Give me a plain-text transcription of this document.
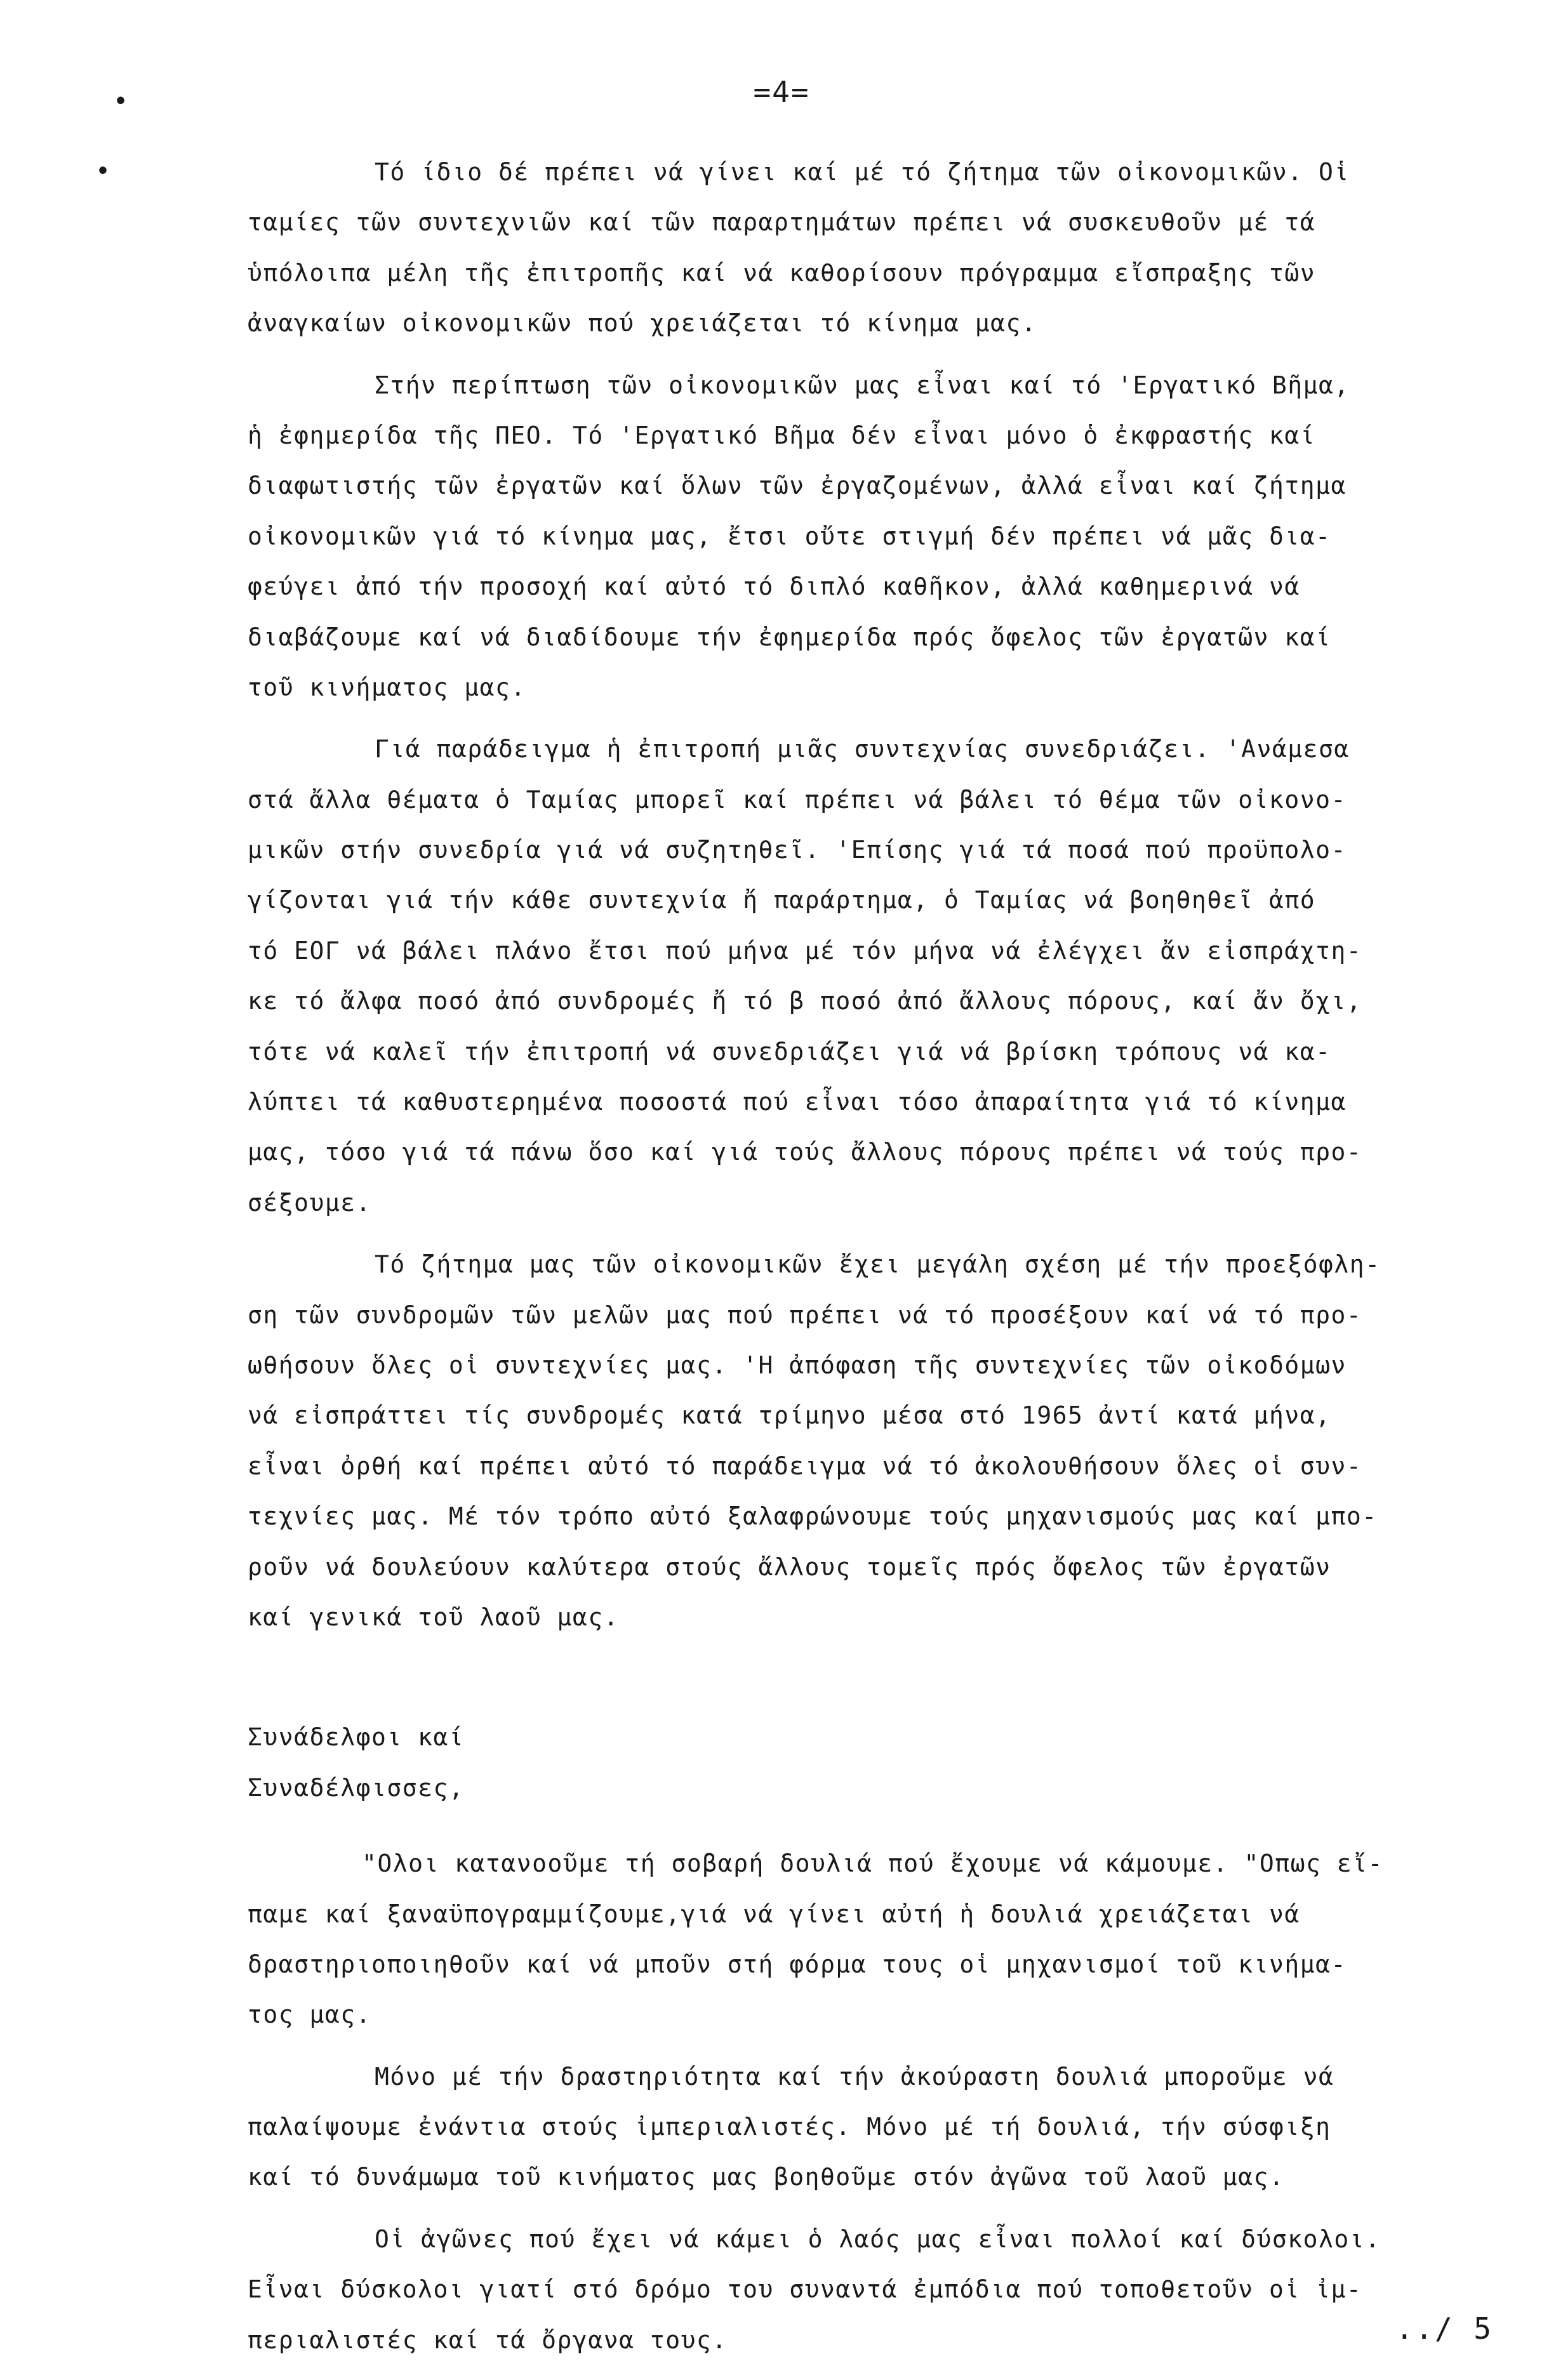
•
•
=4=
Τό ίδιο δέ πρέπει νά γίνει καί μέ τό ζήτημα τῶν οἰκονομικῶν. Οἱ
ταμίες τῶν συντεχνιῶν καί τῶν παραρτημάτων πρέπει νά συσκευθοῦν μέ τά
ὑπόλοιπα μέλη τῆς ἐπιτροπῆς καί νά καθορίσουν πρόγραμμα εἴσπραξης τῶν
ἀναγκαίων οἰκονομικῶν πού χρειάζεται τό κίνημα μας.
Στήν περίπτωση τῶν οἰκονομικῶν μας εἶναι καί τό 'Εργατικό Βῆμα,
ἡ ἐφημερίδα τῆς ΠΕΟ. Τό 'Εργατικό Βῆμα δέν εἶναι μόνο ὁ ἐκφραστής καί
διαφωτιστής τῶν ἐργατῶν καί ὅλων τῶν ἐργαζομένων, ἀλλά εἶναι καί ζήτημα
οἰκονομικῶν γιά τό κίνημα μας, ἔτσι οὔτε στιγμή δέν πρέπει νά μᾶς δια-
φεύγει ἀπό τήν προσοχή καί αὐτό τό διπλό καθῆκον, ἀλλά καθημερινά νά
διαβάζουμε καί νά διαδίδουμε τήν ἐφημερίδα πρός ὄφελος τῶν ἐργατῶν καί
τοῦ κινήματος μας.
Γιά παράδειγμα ἡ ἐπιτροπή μιᾶς συντεχνίας συνεδριάζει. 'Ανάμεσα
στά ἄλλα θέματα ὁ Ταμίας μπορεῖ καί πρέπει νά βάλει τό θέμα τῶν οἰκονο-
μικῶν στήν συνεδρία γιά νά συζητηθεῖ. 'Επίσης γιά τά ποσά πού προϋπολο-
γίζονται γιά τήν κάθε συντεχνία ἤ παράρτημα, ὁ Ταμίας νά βοηθηθεῖ ἀπό
τό ΕΟΓ νά βάλει πλάνο ἔτσι πού μήνα μέ τόν μήνα νά ἐλέγχει ἄν εἰσπράχτη-
κε τό ἄλφα ποσό ἀπό συνδρομές ἤ τό β ποσό ἀπό ἄλλους πόρους, καί ἄν ὄχι,
τότε νά καλεῖ τήν ἐπιτροπή νά συνεδριάζει γιά νά βρίσκη τρόπους νά κα-
λύπτει τά καθυστερημένα ποσοστά πού εἶναι τόσο ἀπαραίτητα γιά τό κίνημα
μας, τόσο γιά τά πάνω ὅσο καί γιά τούς ἄλλους πόρους πρέπει νά τούς προ-
σέξουμε.
Τό ζήτημα μας τῶν οἰκονομικῶν ἔχει μεγάλη σχέση μέ τήν προεξόφλη-
ση τῶν συνδρομῶν τῶν μελῶν μας πού πρέπει νά τό προσέξουν καί νά τό προ-
ωθήσουν ὅλες οἱ συντεχνίες μας. 'Η ἀπόφαση τῆς συντεχνίες τῶν οἰκοδόμων
νά εἰσπράττει τίς συνδρομές κατά τρίμηνο μέσα στό 1965 ἀντί κατά μήνα,
εἶναι ὀρθή καί πρέπει αὐτό τό παράδειγμα νά τό ἀκολουθήσουν ὅλες οἱ συν-
τεχνίες μας. Μέ τόν τρόπο αὐτό ξαλαφρώνουμε τούς μηχανισμούς μας καί μπο-
ροῦν νά δουλεύουν καλύτερα στούς ἄλλους τομεῖς πρός ὄφελος τῶν ἐργατῶν
καί γενικά τοῦ λαοῦ μας.
Συνάδελφοι καί
Συναδέλφισσες,
"Ολοι κατανοοῦμε τή σοβαρή δουλιά πού ἔχουμε νά κάμουμε. "Οπως εἴ-
παμε καί ξαναϋπογραμμίζουμε,γιά νά γίνει αὐτή ἡ δουλιά χρειάζεται νά
δραστηριοποιηθοῦν καί νά μποῦν στή φόρμα τους οἱ μηχανισμοί τοῦ κινήμα-
τος μας.
Μόνο μέ τήν δραστηριότητα καί τήν ἀκούραστη δουλιά μποροῦμε νά
παλαίψουμε ἐνάντια στούς ἰμπεριαλιστές. Μόνο μέ τή δουλιά, τήν σύσφιξη
καί τό δυνάμωμα τοῦ κινήματος μας βοηθοῦμε στόν ἀγῶνα τοῦ λαοῦ μας.
Οἱ ἀγῶνες πού ἔχει νά κάμει ὁ λαός μας εἶναι πολλοί καί δύσκολοι.
Εἶναι δύσκολοι γιατί στό δρόμο του συναντά ἐμπόδια πού τοποθετοῦν οἱ ἰμ-
περιαλιστές καί τά ὄργανα τους.	../ 5
